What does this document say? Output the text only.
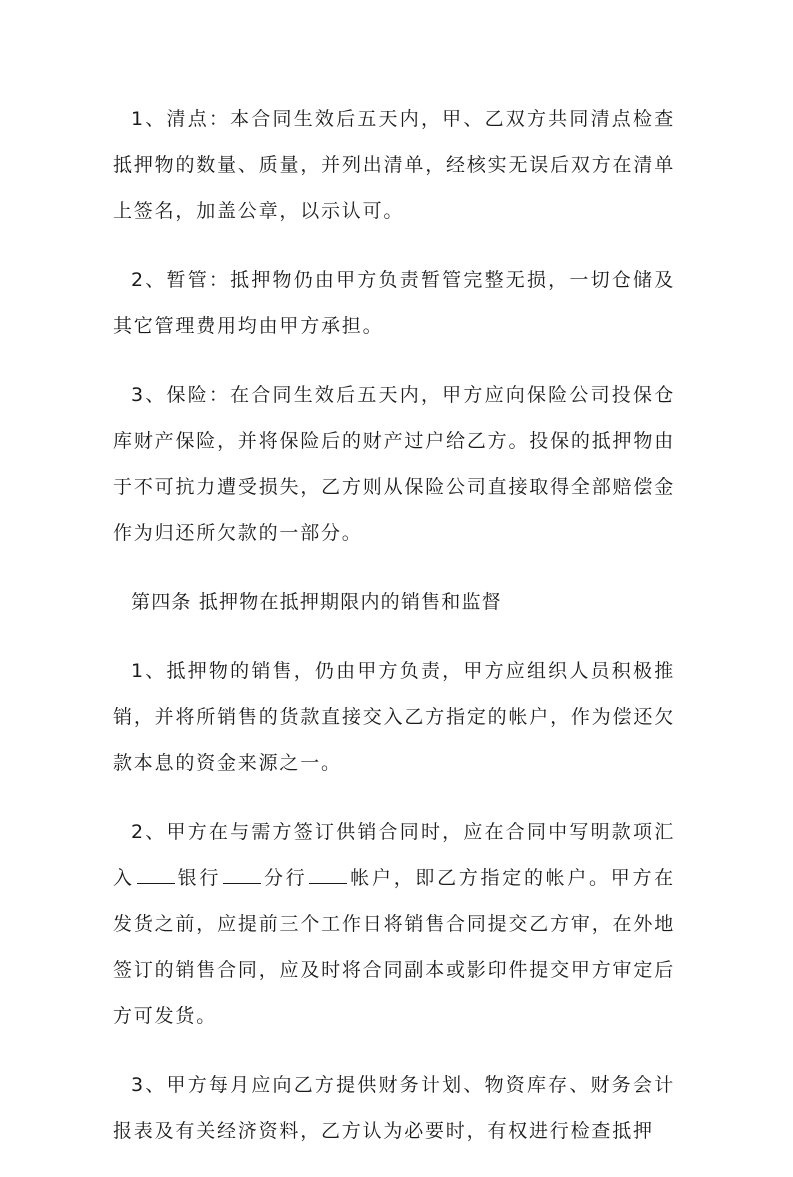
1、清点：本合同生效后五天内，甲、乙双方共同清点检查抵押物的数量、质量，并列出清单，经核实无误后双方在清单上签名，加盖公章，以示认可。

2、暂管：抵押物仍由甲方负责暂管完整无损，一切仓储及其它管理费用均由甲方承担。

3、保险：在合同生效后五天内，甲方应向保险公司投保仓库财产保险，并将保险后的财产过户给乙方。投保的抵押物由于不可抗力遭受损失，乙方则从保险公司直接取得全部赔偿金作为归还所欠款的一部分。

第四条 抵押物在抵押期限内的销售和监督

1、抵押物的销售，仍由甲方负责，甲方应组织人员积极推销，并将所销售的货款直接交入乙方指定的帐户，作为偿还欠款本息的资金来源之一。

2、甲方在与需方签订供销合同时，应在合同中写明款项汇入 银行 分行 帐户，即乙方指定的帐户。甲方在发货之前，应提前三个工作日将销售合同提交乙方审，在外地签订的销售合同，应及时将合同副本或影印件提交甲方审定后方可发货。

3、甲方每月应向乙方提供财务计划、物资库存、财务会计报表及有关经济资料，乙方认为必要时，有权进行检查抵押
